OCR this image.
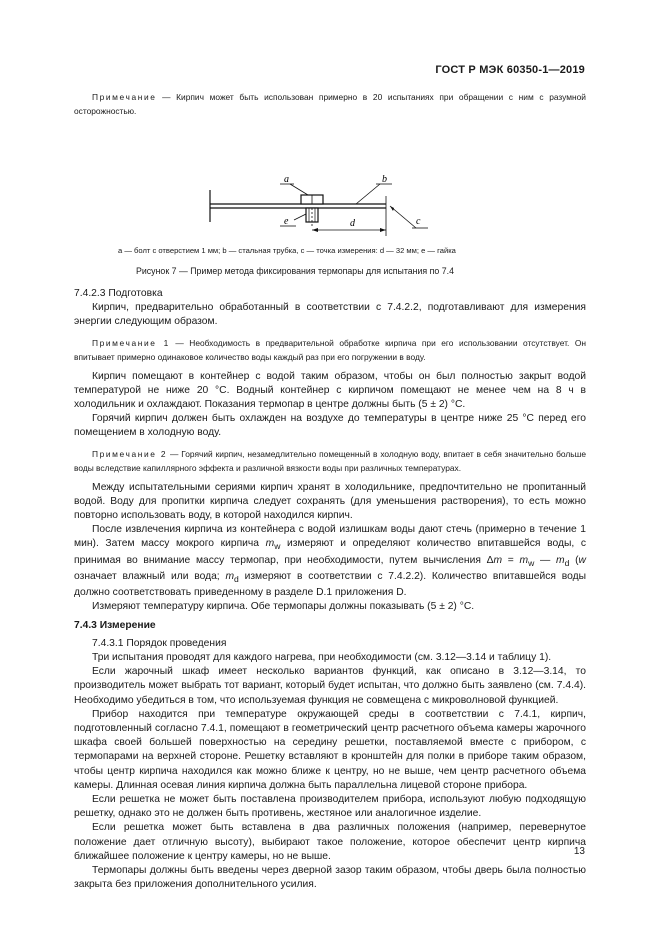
ГОСТ Р МЭК 60350-1—2019

Примечание — Кирпич может быть использован примерно в 20 испытаниях при обращении с ним с разумной осторожностью.

а	b
с
d
е
а — болт с отверстием 1 мм; b — стальная трубка, с — точка измерения: d — 32 мм; е — гайка
Рисунок 7 — Пример метода фиксирования термопары для испытания по 7.4

7.4.2.3 Подготовка

Кирпич, предварительно обработанный в соответствии с 7.4.2.2, подготавливают для измерения энергии следующим образом.

Примечание 1 — Необходимость в предварительной обработке кирпича при его использовании отсутствует. Он впитывает примерно одинаковое количество воды каждый раз при его погружении в воду.

Кирпич помещают в контейнер с водой таким образом, чтобы он был полностью закрыт водой температурой не ниже 20 °С. Водный контейнер с кирпичом помещают не менее чем на 8 ч в холодильник и охлаждают. Показания термопар в центре должны быть (5 ± 2) °С.

Горячий кирпич должен быть охлажден на воздухе до температуры в центре ниже 25 °С перед его помещением в холодную воду.

Примечание 2 — Горячий кирпич, незамедлительно помещенный в холодную воду, впитает в себя значительно больше воды вследствие капиллярного эффекта и различной вязкости воды при различных температурах.

Между испытательными сериями кирпич хранят в холодильнике, предпочтительно не пропитанный водой. Воду для пропитки кирпича следует сохранять (для уменьшения растворения), то есть можно повторно использовать воду, в которой находился кирпич.

После извлечения кирпича из контейнера с водой излишкам воды дают стечь (примерно в течение 1 мин). Затем массу мокрого кирпича $m_w$ измеряют и определяют количество впитавшейся воды, с принимая во внимание массу термопар, при необходимости, путем вычисления $\Delta m = m_w$ — $m_d$ (w означает влажный или вода; $m_d$ измеряют в соответствии с 7.4.2.2). Количество впитавшейся воды должно соответствовать приведенному в разделе D.1 приложения D.

Измеряют температуру кирпича. Обе термопары должны показывать (5 ± 2) °С.

7.4.3 Измерение

7.4.3.1 Порядок проведения

Три испытания проводят для каждого нагрева, при необходимости (см. 3.12—3.14 и таблицу 1).

Если жарочный шкаф имеет несколько вариантов функций, как описано в 3.12—3.14, то производитель может выбрать тот вариант, который будет испытан, что должно быть заявлено (см. 7.4.4). Необходимо убедиться в том, что используемая функция не совмещена с микроволновой функцией.

Прибор находится при температуре окружающей среды в соответствии с 7.4.1, кирпич, подготовленный согласно 7.4.1, помещают в геометрический центр расчетного объема камеры жарочного шкафа своей большей поверхностью на середину решетки, поставляемой вместе с прибором, с термопарами на верхней стороне. Решетку вставляют в кронштейн для полки в приборе таким образом, чтобы центр кирпича находился как можно ближе к центру, но не выше, чем центр расчетного объема камеры. Длинная осевая линия кирпича должна быть параллельна лицевой стороне прибора.

Если решетка не может быть поставлена производителем прибора, используют любую подходящую решетку, однако это не должен быть противень, жестяное или аналогичное изделие.

Если решетка может быть вставлена в два различных положения (например, перевернутое положение дает отличную высоту), выбирают такое положение, которое обеспечит центр кирпича ближайшее положение к центру камеры, но не выше.

Термопары должны быть введены через дверной зазор таким образом, чтобы дверь была полностью закрыта без приложения дополнительного усилия.

13
